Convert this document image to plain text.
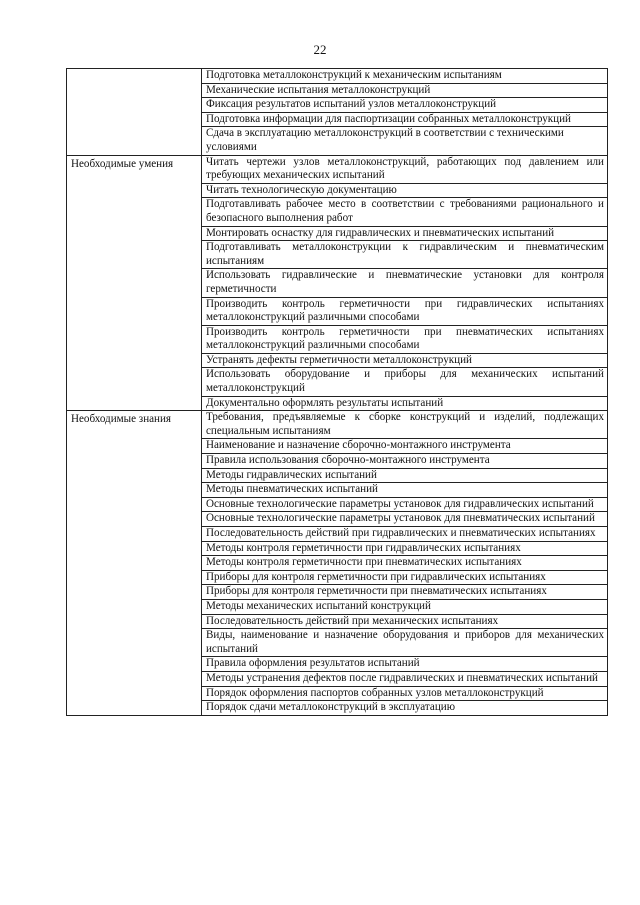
22
	Подготовка металлоконструкций к механическим испытаниям
	Механические испытания металлоконструкций
	Фиксация результатов испытаний узлов металлоконструкций
	Подготовка информации для паспортизации собранных металлоконструкций
	Сдача в эксплуатацию металлоконструкций в соответствии с техническими условиями
Необходимые умения	Читать чертежи узлов металлоконструкций, работающих под давлением или требующих механических испытаний
	Читать технологическую документацию
	Подготавливать рабочее место в соответствии с требованиями рационального и безопасного выполнения работ
	Монтировать оснастку для гидравлических и пневматических испытаний
	Подготавливать металлоконструкции к гидравлическим и пневматическим испытаниям
	Использовать гидравлические и пневматические установки для контроля герметичности
	Производить контроль герметичности при гидравлических испытаниях металлоконструкций различными способами
	Производить контроль герметичности при пневматических испытаниях металлоконструкций различными способами
	Устранять дефекты герметичности металлоконструкций
	Использовать оборудование и приборы для механических испытаний металлоконструкций
	Документально оформлять результаты испытаний
Необходимые знания	Требования, предъявляемые к сборке конструкций и изделий, подлежащих специальным испытаниям
	Наименование и назначение сборочно-монтажного инструмента
	Правила использования сборочно-монтажного инструмента
	Методы гидравлических испытаний
	Методы пневматических испытаний
	Основные технологические параметры установок для гидравлических испытаний
	Основные технологические параметры установок для пневматических испытаний
	Последовательность действий при гидравлических и пневматических испытаниях
	Методы контроля герметичности при гидравлических испытаниях
	Методы контроля герметичности при пневматических испытаниях
	Приборы для контроля герметичности при гидравлических испытаниях
	Приборы для контроля герметичности при пневматических испытаниях
	Методы механических испытаний конструкций
	Последовательность действий при механических испытаниях
	Виды, наименование и назначение оборудования и приборов для механических испытаний
	Правила оформления результатов испытаний
	Методы устранения дефектов после гидравлических и пневматических испытаний
	Порядок оформления паспортов собранных узлов металлоконструкций
	Порядок сдачи металлоконструкций в эксплуатацию
